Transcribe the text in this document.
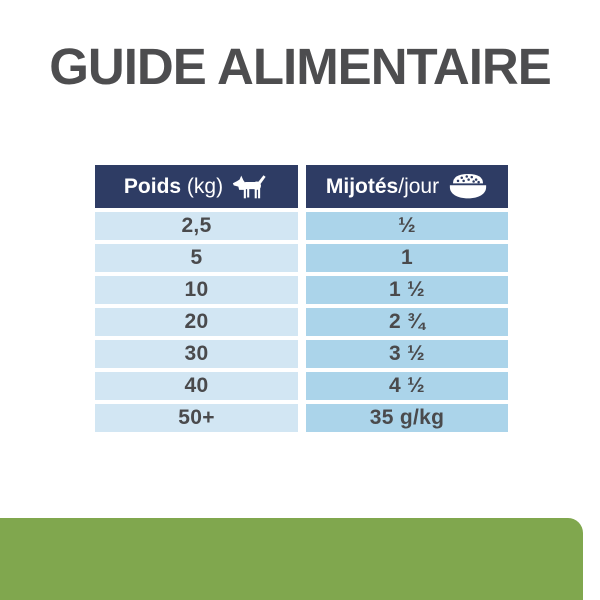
GUIDE ALIMENTAIRE
Poids (kg)	Mijotés/jour
2,5	½
5	1
10	1 ½
20	2 ¾
30	3 ½
40	4 ½
50+	35 g/kg
